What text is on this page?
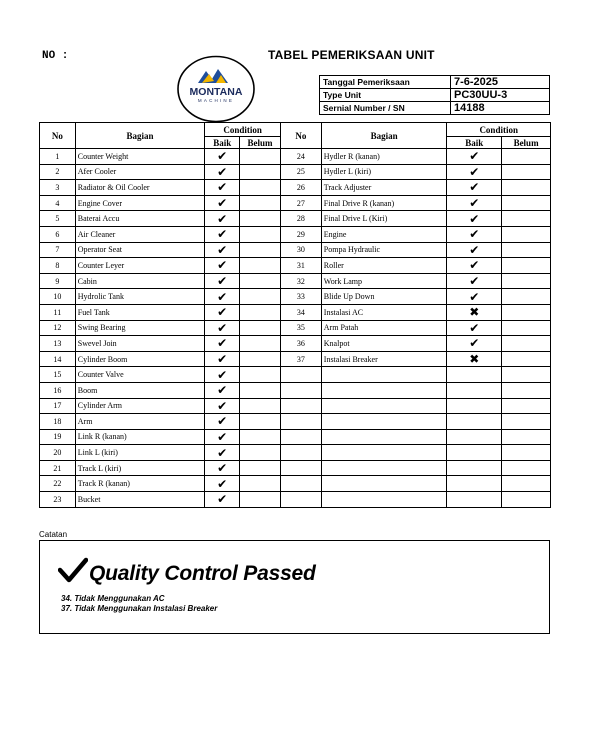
NO :	TABEL PEMERIKSAAN UNIT
MONTANA
MACHINE
Tanggal Pemeriksaan	7-6-2025
Type Unit	PC30UU-3
Sernial Number / SN	14188
No	Bagian	Condition	
		Baik	Belum
1	Counter Weight	✔	
2	Afer Cooler	✔	
3	Radiator & Oil Cooler	✔	
4	Engine Cover	✔	
5	Baterai Accu	✔	
6	Air Cleaner	✔	
7	Operator Seat	✔	
8	Counter Leyer	✔	
9	Cabin	✔	
10	Hydrolic Tank	✔	
11	Fuel Tank	✔	
12	Swing Bearing	✔	
13	Swevel Join	✔	
14	Cylinder Boom	✔	
15	Counter Valve	✔	
16	Boom	✔	
17	Cylinder Arm	✔	
18	Arm	✔	
19	Link R (kanan)	✔	
20	Link L (kiri)	✔	
21	Track L (kiri)	✔	
22	Track R (kanan)	✔	
23	Bucket	✔	
No	Bagian	Condition	
		Baik	Belum
24	Hydler R (kanan)	✔	
25	Hydler L (kiri)	✔	
26	Track Adjuster	✔	
27	Final Drive R (kanan)	✔	
28	Final Drive L (Kiri)	✔	
29	Engine	✔	
30	Pompa Hydraulic	✔	
31	Roller	✔	
32	Work Lamp	✔	
33	Blide Up Down	✔	
34	Instalasi AC	✖	
35	Arm Patah	✔	
36	Knalpot	✔	
37	Instalasi Breaker	✖	

Catatan
Quality Control Passed
34. Tidak Menggunakan AC
37. Tidak Menggunakan Instalasi Breaker
